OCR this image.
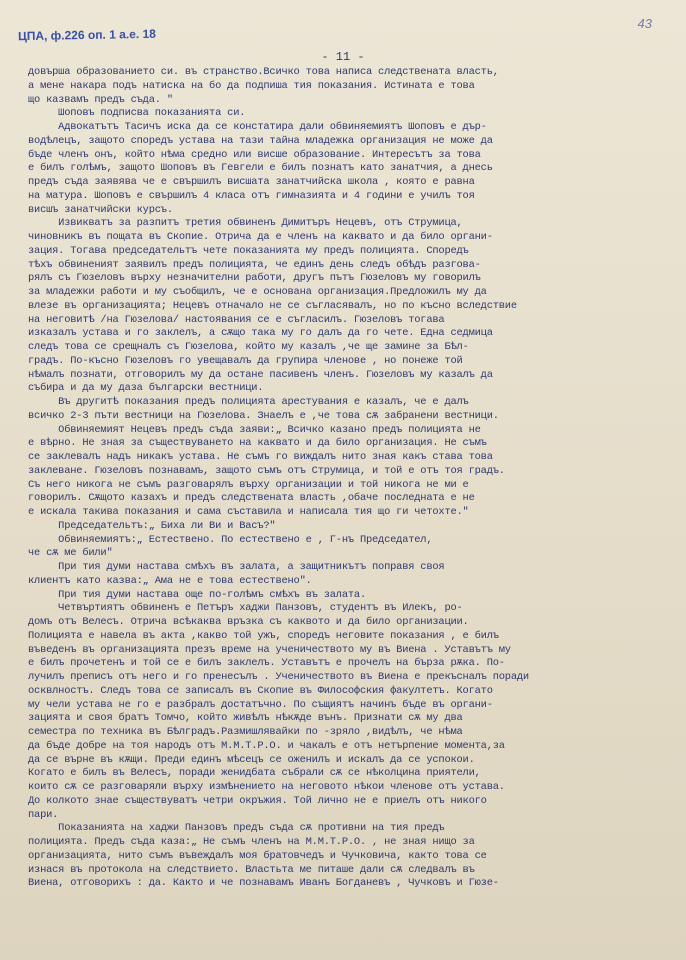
ЦПА, ф.226 оп. 1 а.е. 18
43
- 11 -
довърша образованието си. въ странство.Всичко това написа следствената власть,
а мене накара подъ натиска на бо да подпиша тия показания. Истината е това
що казвамъ предъ съда. "
Шоповъ подписва показанията си.
Адвокатътъ Тасичъ иска да се констатира дали обвиняемиятъ Шоповъ е дър-
водѣлецъ, защото споредъ устава на тази тайна младежка организация не може да
бъде членъ онъ, който нѣма средно или висше образование. Интересътъ за това
е билъ голѣмъ, защото Шоповъ въ Гевгели е билъ познатъ като занатчия, а днесь
предъ съда заявява че е свършилъ висшата занатчийска школа , която е равна
на матура. Шоповъ е свършилъ 4 класа отъ гимназията и 4 години е училъ тоя
висшъ занатчийски курсъ.
Извикватъ за разпитъ третия обвиненъ Димитъръ Нецевъ, отъ Струмица,
чиновникъ въ пощата въ Скопие. Отрича да е членъ на каквато и да било органи-
зация. Тогава председательтъ чете показанията му предъ полицията. Споредъ
тѣхъ обвиненият заявилъ предъ полицията, че единъ день следъ обѣдъ разгова-
рялъ съ Гюзеловъ върху незначителни работи, другъ пътъ Гюзеловъ му говорилъ
за младежки работи и му съобщилъ, че е основана организация.Предложилъ му да
влезе въ организацията; Нецевъ отначало не се съгласявалъ, но по късно вследствие
на неговитѣ /на Гюзелова/ настоявания се е съгласилъ. Гюзеловъ тогава
изказалъ устава и го заклелъ, а сѫщо така му го далъ да го чете. Една седмица
следъ това се срещналъ съ Гюзелова, който му казалъ ,че ще замине за Бѣл-
градъ. По-късно Гюзеловъ го увещавалъ да групира членове , но понеже той
нѣмалъ познати, отговорилъ му да остане пасивенъ членъ. Гюзеловъ му казалъ да
събира и да му даза български вестници.
Въ другитѣ показания предъ полицията арестувания е казалъ, че е далъ
всичко 2-3 пъти вестници на Гюзелова. Знаелъ е ,че това сѫ забранени вестници.
Обвиняемият Нецевъ предъ съда заяви:„ Всичко казано предъ полицията не
е вѣрно. Не зная за съществуването на каквато и да било организация. Не съмъ
се заклевалъ надъ никакъ устава. Не съмъ го виждалъ нито зная какъ става това
заклеване. Гюзеловъ познавамъ, защото съмъ отъ Струмица, и той е отъ тоя градъ.
Съ него никога не съмъ разговарялъ върху организации и той никога не ми е
говорилъ. Сѫщото казахъ и предъ следствената власть ,обаче последната е не
е искала такива показания и сама съставила и написала тия що ги четохте."
Председательтъ:„ Биха ли Ви и Васъ?"
Обвиняемиятъ:„ Естествено. По естествено е , Г-нъ Председател,
че сѫ ме били"
При тия думи настава смѣхъ въ залата, а защитникътъ поправя своя
клиентъ като казва:„ Ама не е това естествено".
При тия думи настава още по-голѣмъ смѣхъ въ залата.
Четвъртиятъ обвиненъ е Петъръ хаджи Панзовъ, студентъ въ Илекъ, ро-
домъ отъ Велесъ. Отрича всѣкаква връзка съ каквото и да било организации.
Полицията е навела въ акта ,какво той ужъ, споредъ неговите показания , е билъ
въведенъ въ организацията презъ време на ученичеството му въ Виена . Уставътъ му
е билъ прочетенъ и той се е билъ заклелъ. Уставътъ е прочелъ на бърза рѫка. По-
лучилъ преписъ отъ него и го пренесълъ . Ученичеството въ Виена е прекъсналъ поради
осквлностъ. Следъ това се записалъ въ Скопие въ Философския факултетъ. Когато
му чели устава не го е разбралъ достатъчно. По същиятъ начинъ бъде въ органи-
зацията и своя братъ Томчо, който живѣлъ нѣкѫде вънъ. Признати сѫ му два
семестра по техника въ Бѣлградъ.Размишлявайки по -зряло ,видѣлъ, че нѣма
да бъде добре на тоя народъ отъ М.М.Т.Р.О. и чакалъ е отъ нетърпение момента,за
да се върне въ кѫщи. Преди единъ мѣсецъ се оженилъ и искалъ да се успокои.
Когато е билъ въ Велесъ, поради женидбата събрали сѫ се нѣколцина приятели,
които сѫ се разговаряли върху измѣнението на неговото нѣкои членове отъ устава.
До колкото знае съществуватъ четри окръжия. Той лично не е приелъ отъ никого
пари.
Показанията на хаджи Панзовъ предъ съда сѫ противни на тия предъ
полицията. Предъ съда каза:„ Не съмъ членъ на М.М.Т.Р.О. , не зная нищо за
организацията, нито съмъ въвеждалъ моя братовчедъ и Чучковича, както това се
изнася въ протокола на следствието. Властьта ме питаше дали сѫ следвалъ въ
Виена, отговорихъ : да. Както и че познавамъ Иванъ Богданевъ , Чучковъ и Гюзе-
